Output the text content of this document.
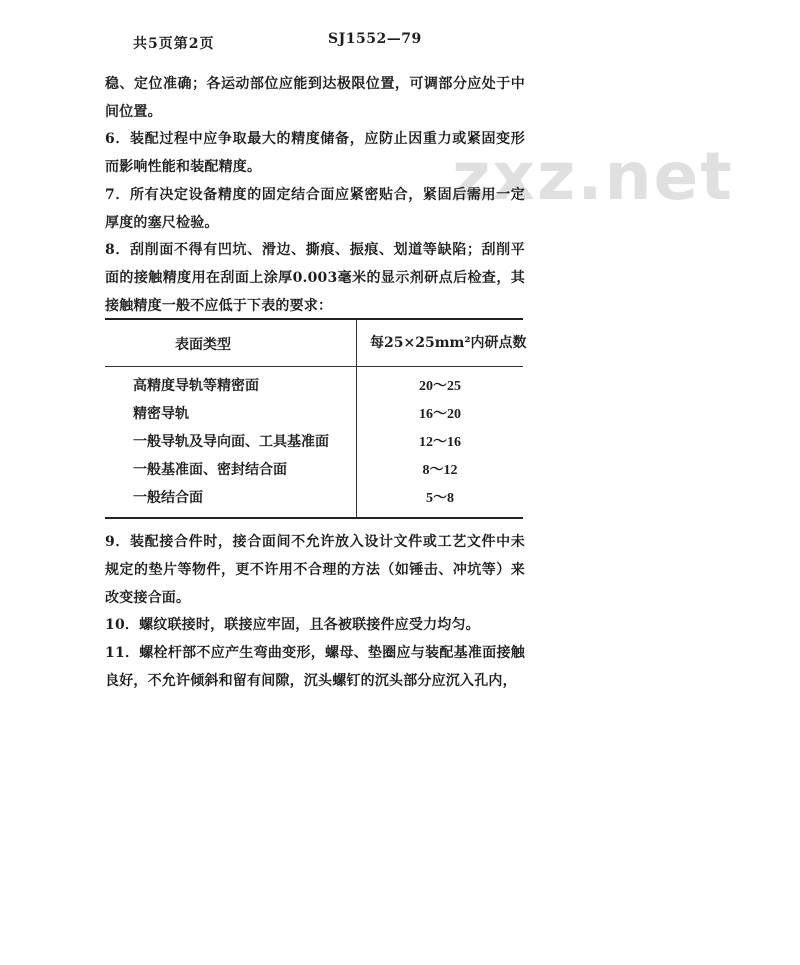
共5页第2页	SJ1552—79
zxz.net
稳、定位准确；各运动部位应能到达极限位置，可调部分应处于中间位置。
6．装配过程中应争取最大的精度储备，应防止因重力或紧固变形而影响性能和装配精度。
7．所有决定设备精度的固定结合面应紧密贴合，紧固后需用一定厚度的塞尺检验。
8．刮削面不得有凹坑、滑边、撕痕、振痕、划道等缺陷；刮削平面的接触精度用在刮面上涂厚0.003毫米的显示剂研点后检查，其接触精度一般不应低于下表的要求：
表面类型	每25×25mm²内研点数
高精度导轨等精密面	20～25
精密导轨	16～20
一般导轨及导向面、工具基准面	12～16
一般基准面、密封结合面	8～12
一般结合面	5～8
9．装配接合件时，接合面间不允许放入设计文件或工艺文件中未规定的垫片等物件，更不许用不合理的方法（如锤击、冲坑等）来改变接合面。
10．螺纹联接时，联接应牢固，且各被联接件应受力均匀。
11．螺栓杆部不应产生弯曲变形，螺母、垫圈应与装配基准面接触良好，不允许倾斜和留有间隙，沉头螺钉的沉头部分应沉入孔内，
